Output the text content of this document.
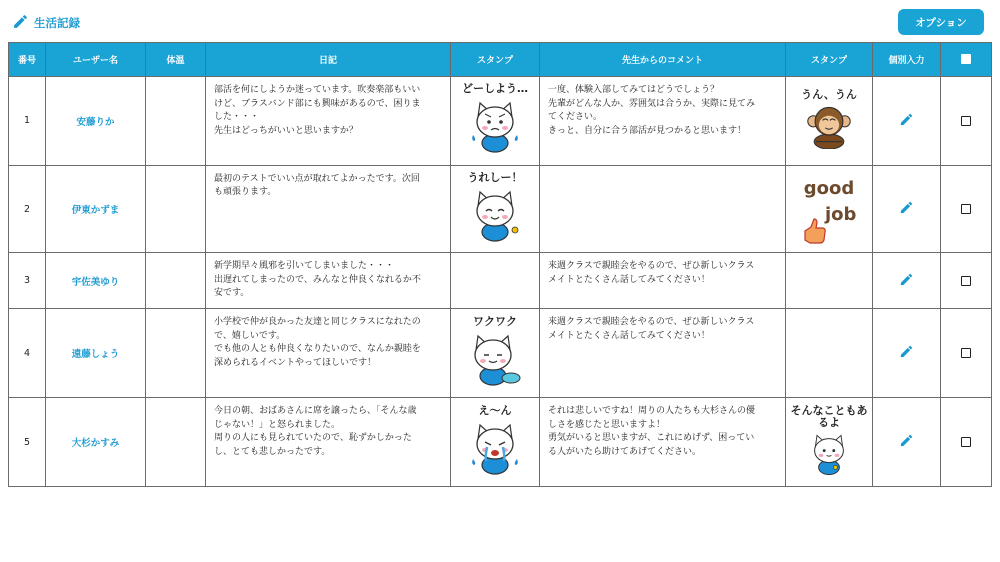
生活記録	オプション
番号	ユーザー名	体温	日記	スタンプ	先生からのコメント	スタンプ	個別入力	
1	安藤りか		部活を何にしようか迷っています。吹奏楽部もいい
けど、ブラスバンド部にも興味があるので、困りま
した・・・
先生はどっちがいいと思いますか？	どーしよう…	一度、体験入部してみてはどうでしょう？
先輩がどんな人か、雰囲気は合うか、実際に見てみ
てください。
きっと、自分に合う部活が見つかると思います！	うん、うん

2	伊東かずま		最初のテストでいい点が取れてよかったです。次回
も頑張ります。	うれしー！		good
job

3	宇佐美ゆり		新学期早々風邪を引いてしまいました・・・
出遅れてしまったので、みんなと仲良くなれるか不
安です。		来週クラスで親睦会をやるので、ぜひ新しいクラス
メイトとたくさん話してみてください！			
4	遠藤しょう		小学校で仲が良かった友達と同じクラスになれたの
で、嬉しいです。
でも他の人とも仲良くなりたいので、なんか親睦を
深められるイベントやってほしいです！	ワクワク	来週クラスで親睦会をやるので、ぜひ新しいクラス
メイトとたくさん話してみてください！			
5	大杉かすみ		今日の朝、おばあさんに席を譲ったら、「そんな歳
じゃない！」と怒られました。
周りの人にも見られていたので、恥ずかしかった
し、とても悲しかったです。	え～ん	それは悲しいですね！周りの人たちも大杉さんの優
しさを感じたと思いますよ！
勇気がいると思いますが、これにめげず、困ってい
る人がいたら助けてあげてください。	そんなこともあるよ
